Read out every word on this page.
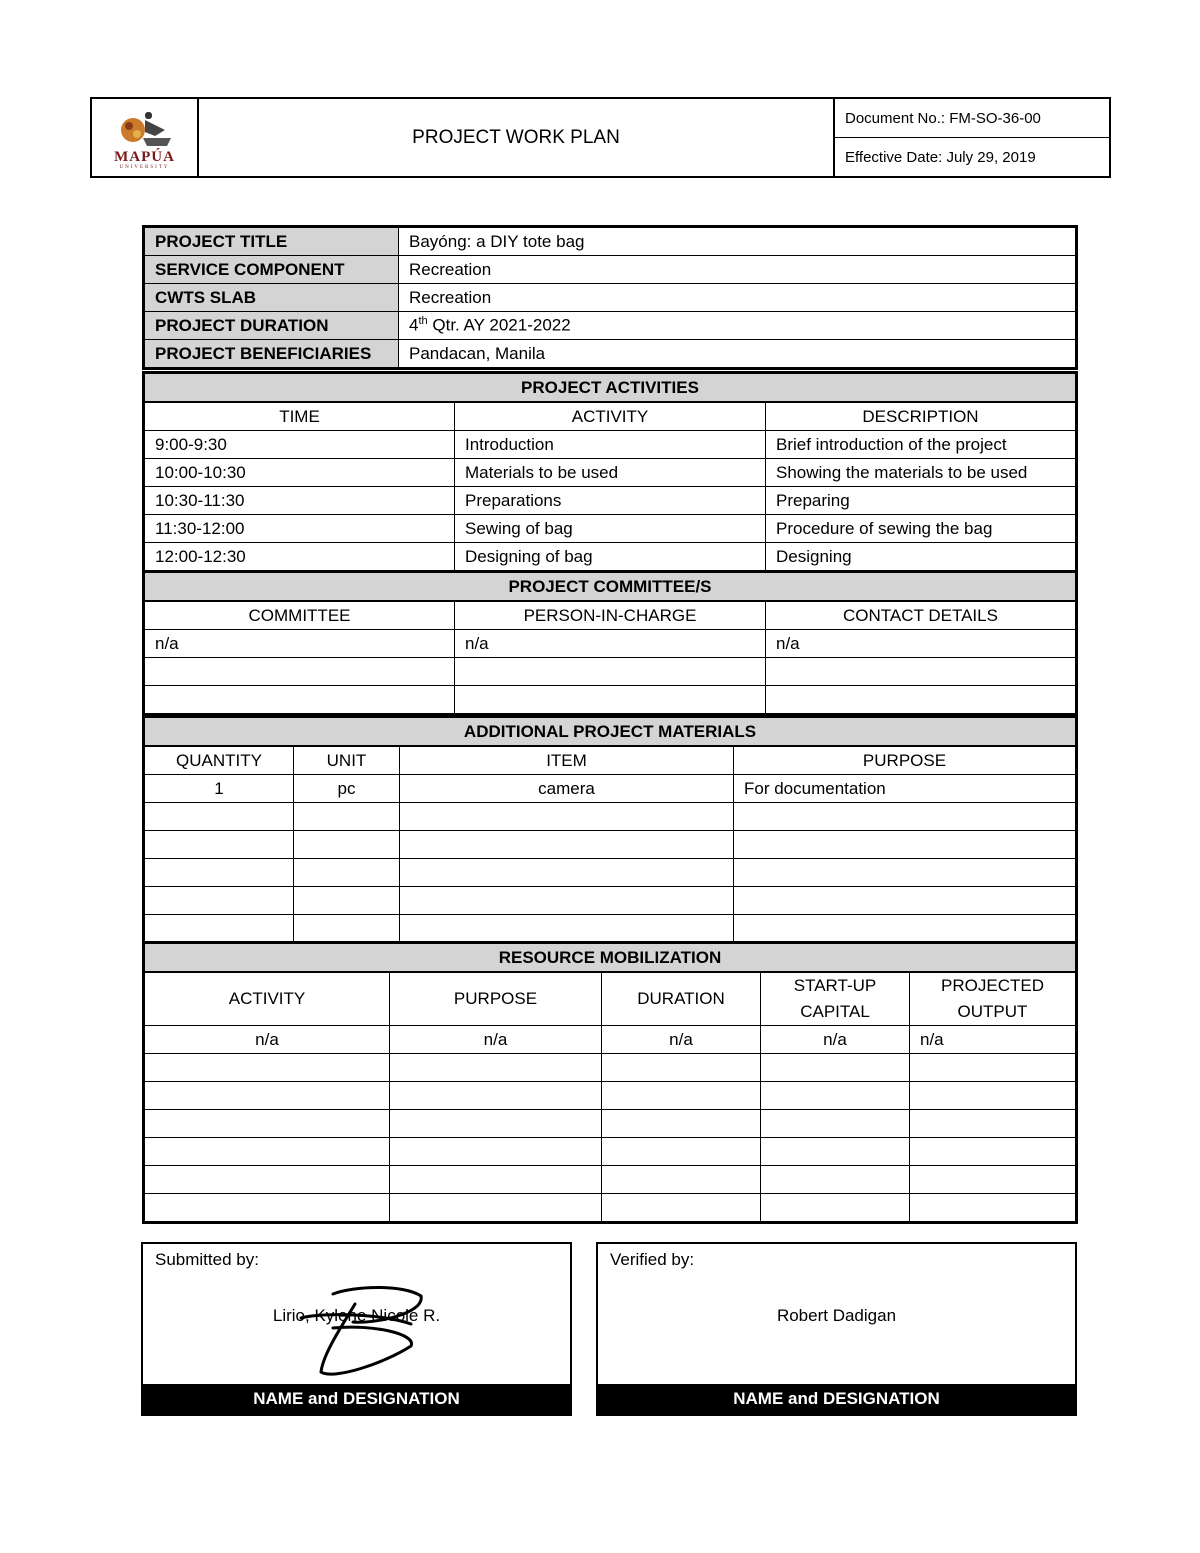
MAPÚA
UNIVERSITY
PROJECT WORK PLAN
Document No.: FM-SO-36-00
Effective Date: July 29, 2019
PROJECT TITLE	Bayóng: a DIY tote bag
SERVICE COMPONENT	Recreation
CWTS SLAB	Recreation
PROJECT DURATION	4th Qtr. AY 2021-2022
PROJECT BENEFICIARIES	Pandacan, Manila
PROJECT ACTIVITIES		
TIME	ACTIVITY	DESCRIPTION
9:00-9:30	Introduction	Brief introduction of the project
10:00-10:30	Materials to be used	Showing the materials to be used
10:30-11:30	Preparations	Preparing
11:30-12:00	Sewing of bag	Procedure of sewing the bag
12:00-12:30	Designing of bag	Designing
PROJECT COMMITTEE/S		
COMMITTEE	PERSON-IN-CHARGE	CONTACT DETAILS
n/a	n/a	n/a

ADDITIONAL PROJECT MATERIALS			
QUANTITY	UNIT	ITEM	PURPOSE
1	pc	camera	For documentation

RESOURCE MOBILIZATION				
ACTIVITY	PURPOSE	DURATION	START-UP CAPITAL	PROJECTED OUTPUT
n/a	n/a	n/a	n/a	n/a

Submitted by:
Lirio, Kylene Nicole R.
NAME and DESIGNATION
Verified by:
Robert Dadigan
NAME and DESIGNATION
